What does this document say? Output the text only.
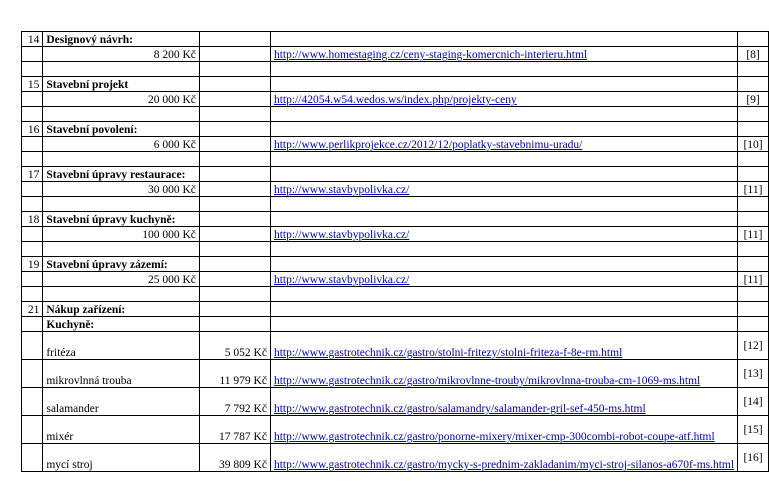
14	Designový návrh:			
	8 200 Kč		http://www.homestaging.cz/ceny-staging-komercnich-interieru.html	[8]

15	Stavební projekt			
	20 000 Kč		http://42054.w54.wedos.ws/index.php/projekty-ceny	[9]

16	Stavební povolení:			
	6 000 Kč		http://www.perlikprojekce.cz/2012/12/poplatky-stavebnimu-uradu/	[10]

17	Stavební úpravy restaurace:			
	30 000 Kč		http://www.stavbypolivka.cz/	[11]

18	Stavební úpravy kuchyně:			
	100 000 Kč		http://www.stavbypolivka.cz/	[11]

19	Stavební úpravy zázemí:			
	25 000 Kč		http://www.stavbypolivka.cz/	[11]

21	Nákup zařízení:			
	Kuchyně:			
	fritéza	5 052 Kč	http://www.gastrotechnik.cz/gastro/stolni-fritezy/stolni-friteza-f-8e-rm.html	[12]
	mikrovlnná trouba	11 979 Kč	http://www.gastrotechnik.cz/gastro/mikrovlnne-trouby/mikrovlnna-trouba-cm-1069-ms.html	[13]
	salamander	7 792 Kč	http://www.gastrotechnik.cz/gastro/salamandry/salamander-gril-sef-450-ms.html	[14]
	mixér	17 787 Kč	http://www.gastrotechnik.cz/gastro/ponorne-mixery/mixer-cmp-300combi-robot-coupe-atf.html	[15]
	mycí stroj	39 809 Kč	http://www.gastrotechnik.cz/gastro/mycky-s-prednim-zakladanim/myci-stroj-silanos-a670f-ms.html	[16]
